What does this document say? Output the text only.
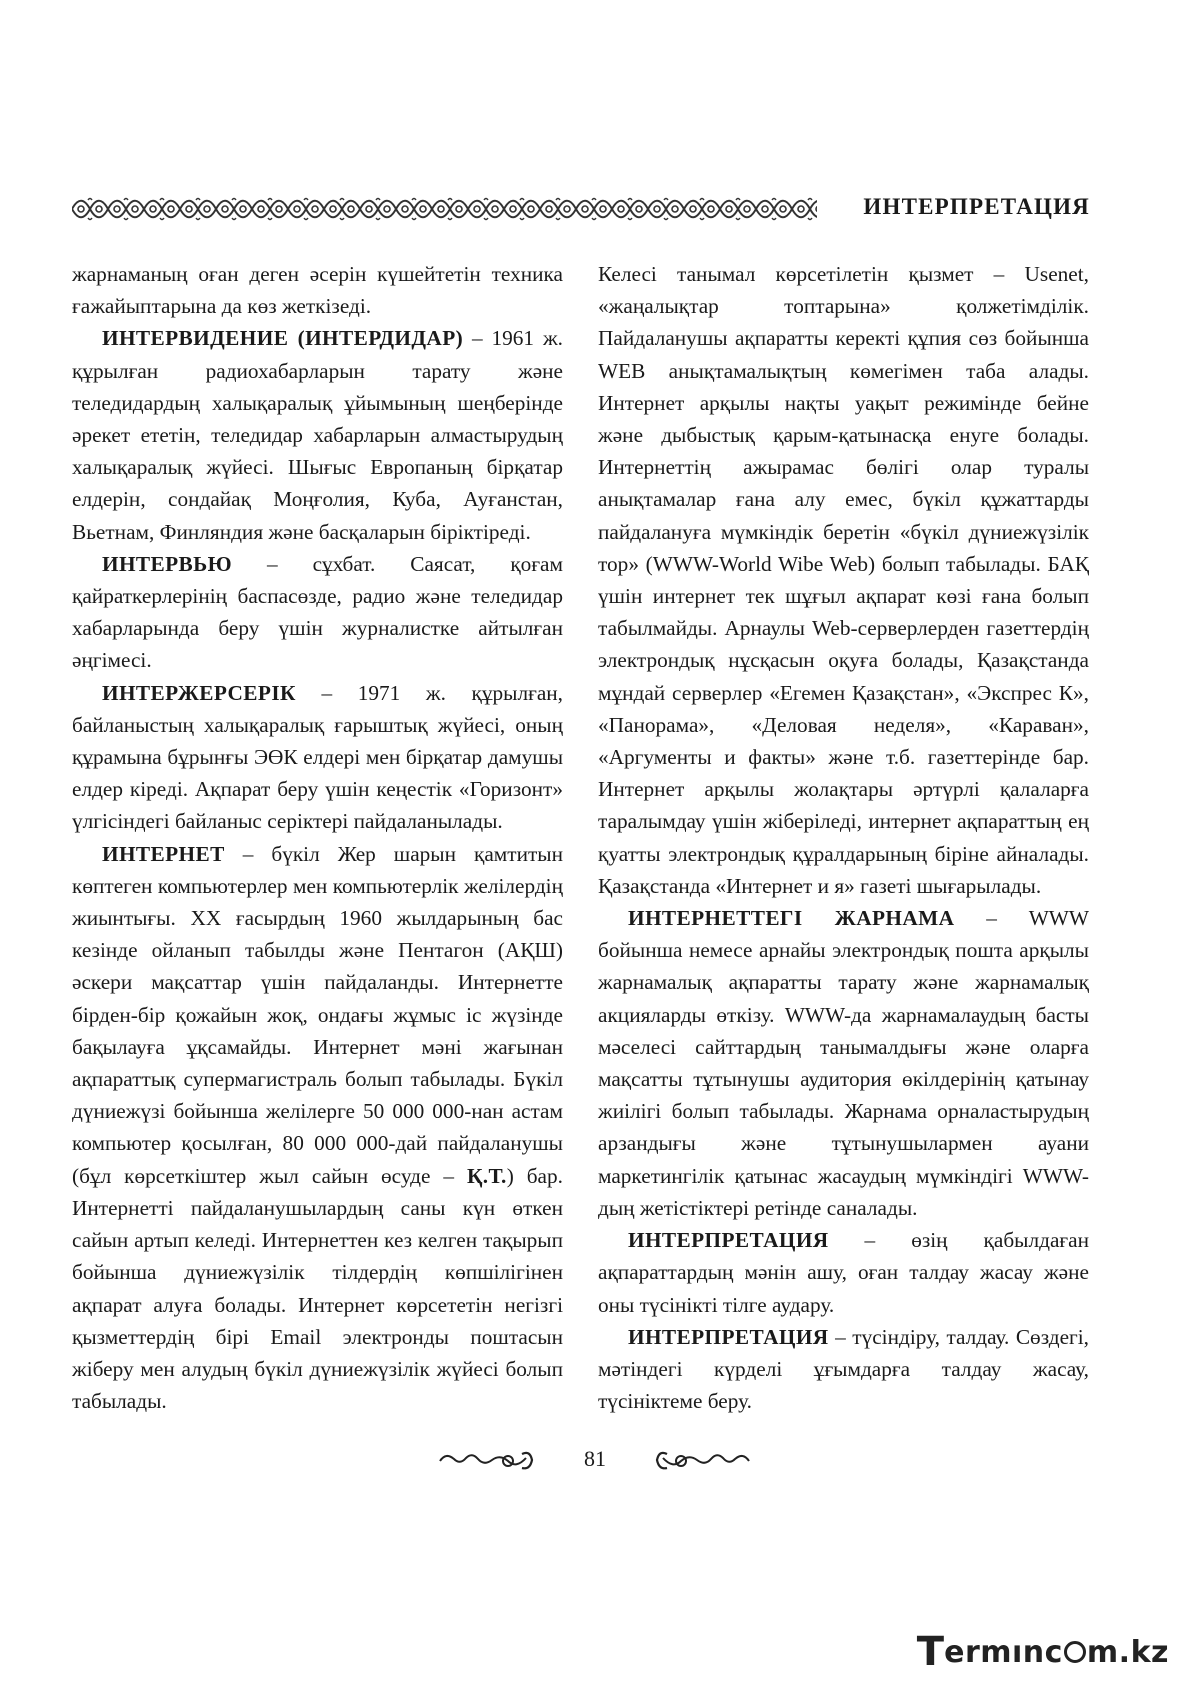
ИНТЕРПРЕТАЦИЯ

жарнаманың оған деген әсерін күшейтетін техника ғажайыптарына да көз жеткізеді.

ИНТЕРВИДЕНИЕ (ИНТЕРДИДАР) – 1961 ж. құрылған радиохабарларын тарату және теледидардың халықаралық ұйымының шеңберінде әрекет ететін, теледидар хабарларын алмастырудың халықаралық жүйесі. Шығыс Европаның бірқатар елдерін, сондайақ Моңғолия, Куба, Ауғанстан, Вьетнам, Финляндия және басқаларын біріктіреді.

ИНТЕРВЬЮ – сұхбат. Саясат, қоғам қайраткерлерінің баспасөзде, радио және теледидар хабарларында беру үшін журналистке айтылған әңгімесі.

ИНТЕРЖЕРСЕРІК – 1971 ж. құрылған, байланыстың халықаралық ғарыштық жүйесі, оның құрамына бұрынғы ЭӨК елдері мен бірқатар дамушы елдер кіреді. Ақпарат беру үшін кеңестік «Горизонт» үлгісіндегі байланыс серіктері пайдаланылады.

ИНТЕРНЕТ – бүкіл Жер шарын қамтитын көптеген компьютерлер мен компьютерлік желілердің жиынтығы. ХХ ғасырдың 1960 жылдарының бас кезінде ойланып табылды және Пентагон (АҚШ) әскери мақсаттар үшін пайдаланды. Интернетте бірден-бір қожайын жоқ, ондағы жұмыс іс жүзінде бақылауға ұқсамайды. Интернет мәні жағынан ақпараттық супермагистраль болып табылады. Бүкіл дүниежүзі бойынша желілерге 50 000 000-нан астам компьютер қосылған, 80 000 000-дай пайдаланушы (бұл көрсеткіштер жыл сайын өсуде – Қ.Т.) бар. Интернетті пайдаланушылардың саны күн өткен сайын артып келеді. Интернеттен кез келген тақырып бойынша дүниежүзілік тілдердің көпшілігінен ақпарат алуға болады. Интернет көрсететін негізгі қызметтердің бірі Email электронды поштасын жіберу мен алудың бүкіл дүниежүзілік жүйесі болып табылады.

Келесі танымал көрсетілетін қызмет – Usenet, «жаңалықтар топтарына» қолжетімділік. Пайдаланушы ақпаратты керекті құпия сөз бойынша WEB анықтамалықтың көмегімен таба алады. Интернет арқылы нақты уақыт режимінде бейне және дыбыстық қарым-қатынасқа енуге болады. Интернеттің ажырамас бөлігі олар туралы анықтамалар ғана алу емес, бүкіл құжаттарды пайдалануға мүмкіндік беретін «бүкіл дүниежүзілік тор» (WWW-World Wibe Web) болып табылады. БАҚ үшін интернет тек шұғыл ақпарат көзі ғана болып табылмайды. Арнаулы Web-серверлерден газеттердің электрондық нұсқасын оқуға болады, Қазақстанда мұндай серверлер «Егемен Қазақстан», «Экспрес К», «Панорама», «Деловая неделя», «Караван», «Аргументы и факты» және т.б. газеттерінде бар. Интернет арқылы жолақтары әртүрлі қалаларға таралымдау үшін жіберіледі, интернет ақпараттың ең қуатты электрондық құралдарының біріне айналады. Қазақстанда «Интернет и я» газеті шығарылады.

ИНТЕРНЕТТЕГІ ЖАРНАМА – WWW бойынша немесе арнайы электрондық пошта арқылы жарнамалық ақпаратты тарату және жарнамалық акцияларды өткізу. WWW-да жарнамалаудың басты мәселесі сайттардың танымалдығы және оларға мақсатты тұтынушы аудитория өкілдерінің қатынау жиілігі болып табылады. Жарнама орналастырудың арзандығы және тұтынушылармен ауани маркетингілік қатынас жасаудың мүмкіндігі WWW-дың жетістіктері ретінде саналады.

ИНТЕРПРЕТАЦИЯ – өзің қабылдаған ақпараттардың мәнін ашу, оған талдау жасау және оны түсінікті тілге аудару.

ИНТЕРПРЕТАЦИЯ – түсіндіру, талдау. Сөздегі, мәтіндегі күрделі ұғымдарға талдау жасау, түсініктеме беру.

81
T ermınc m.kz
